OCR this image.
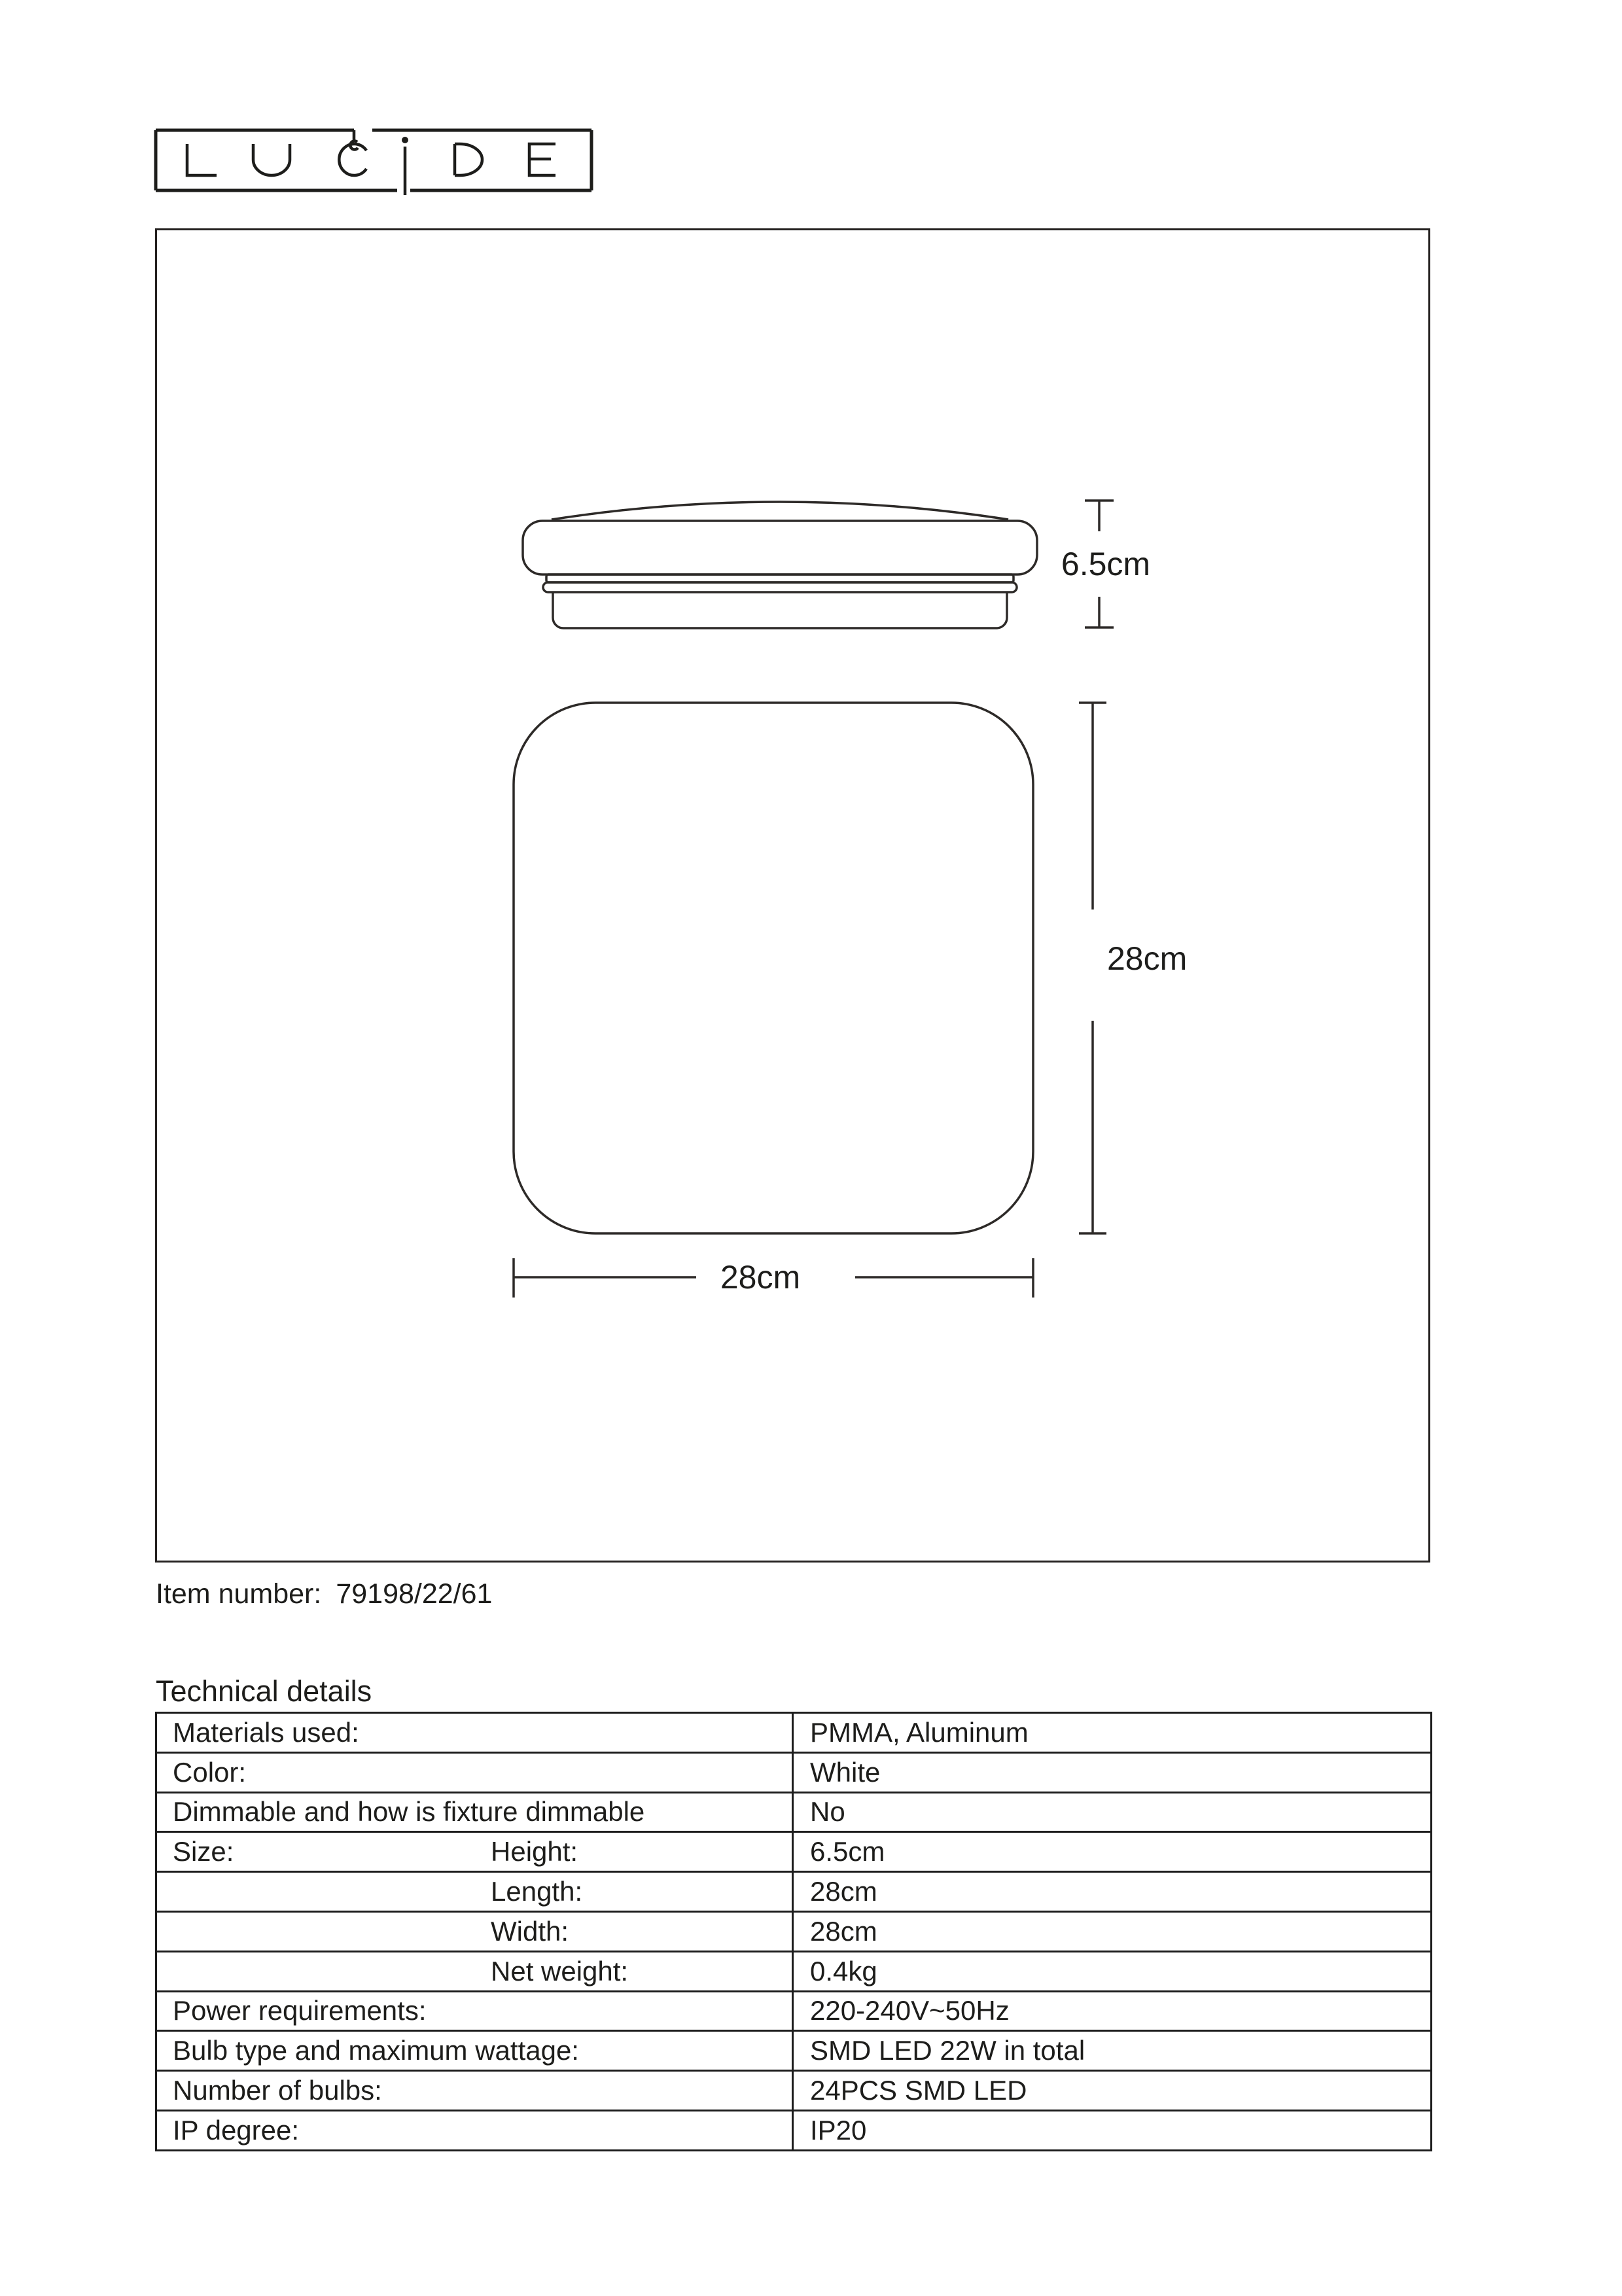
6.5cm
28cm
28cm
Item number: 79198/22/61
Technical details
Materials used:	PMMA, Aluminum
Color:	White
Dimmable and how is fixture dimmable	No
Size: Height:	6.5cm

Length:	28cm

Width:	28cm

Net weight:	0.4kg
Power requirements:	220-240V~50Hz
Bulb type and maximum wattage:	SMD LED 22W in total
Number of bulbs:	24PCS SMD LED
IP degree:	IP20
